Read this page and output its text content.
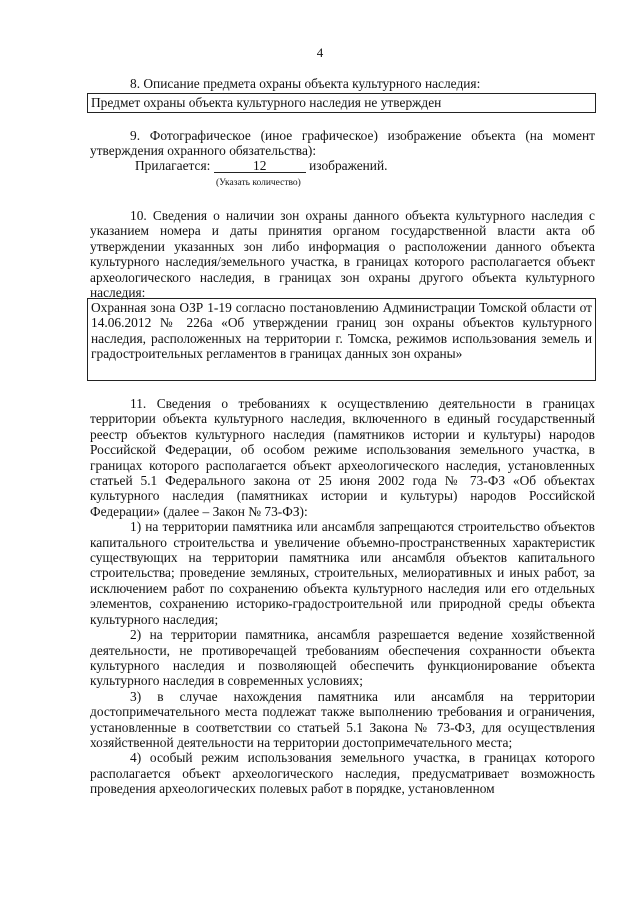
4

8. Описание предмета охраны объекта культурного наследия:

Предмет охраны объекта культурного наследия не утвержден

9. Фотографическое (иное графическое) изображение объекта (на момент утверждения охранного обязательства):

Прилагается:	12	изображений.
(Указать количество)

10. Сведения о наличии зон охраны данного объекта культурного наследия с указанием номера и даты принятия органом государственной власти акта об утверждении указанных зон либо информация о расположении данного объекта культурного наследия/земельного участка, в границах которого располагается объект археологического наследия, в границах зон охраны другого объекта культурного наследия:

Охранная зона ОЗР 1-19 согласно постановлению Администрации Томской области от 14.06.2012 № 226а «Об утверждении границ зон охраны объектов культурного наследия, расположенных на территории г. Томска, режимов использования земель и градостроительных регламентов в границах данных зон охраны»
11. Сведения о требованиях к осуществлению деятельности в границах территории объекта культурного наследия, включенного в единый государственный реестр объектов культурного наследия (памятников истории и культуры) народов Российской Федерации, об особом режиме использования земельного участка, в границах которого располагается объект археологического наследия, установленных статьей 5.1 Федерального закона от 25 июня 2002 года № 73-ФЗ «Об объектах культурного наследия (памятниках истории и культуры) народов Российской Федерации» (далее – Закон № 73-ФЗ):
1) на территории памятника или ансамбля запрещаются строительство объектов капитального строительства и увеличение объемно-пространственных характеристик существующих на территории памятника или ансамбля объектов капитального строительства; проведение земляных, строительных, мелиоративных и иных работ, за исключением работ по сохранению объекта культурного наследия или его отдельных элементов, сохранению историко-градостроительной или природной среды объекта культурного наследия;
2) на территории памятника, ансамбля разрешается ведение хозяйственной деятельности, не противоречащей требованиям обеспечения сохранности объекта культурного наследия и позволяющей обеспечить функционирование объекта культурного наследия в современных условиях;
3) в случае нахождения памятника или ансамбля на территории достопримечательного места подлежат также выполнению требования и ограничения, установленные в соответствии со статьей 5.1 Закона № 73-ФЗ, для осуществления хозяйственной деятельности на территории достопримечательного места;
4) особый режим использования земельного участка, в границах которого располагается объект археологического наследия, предусматривает возможность проведения археологических полевых работ в порядке, установленном
